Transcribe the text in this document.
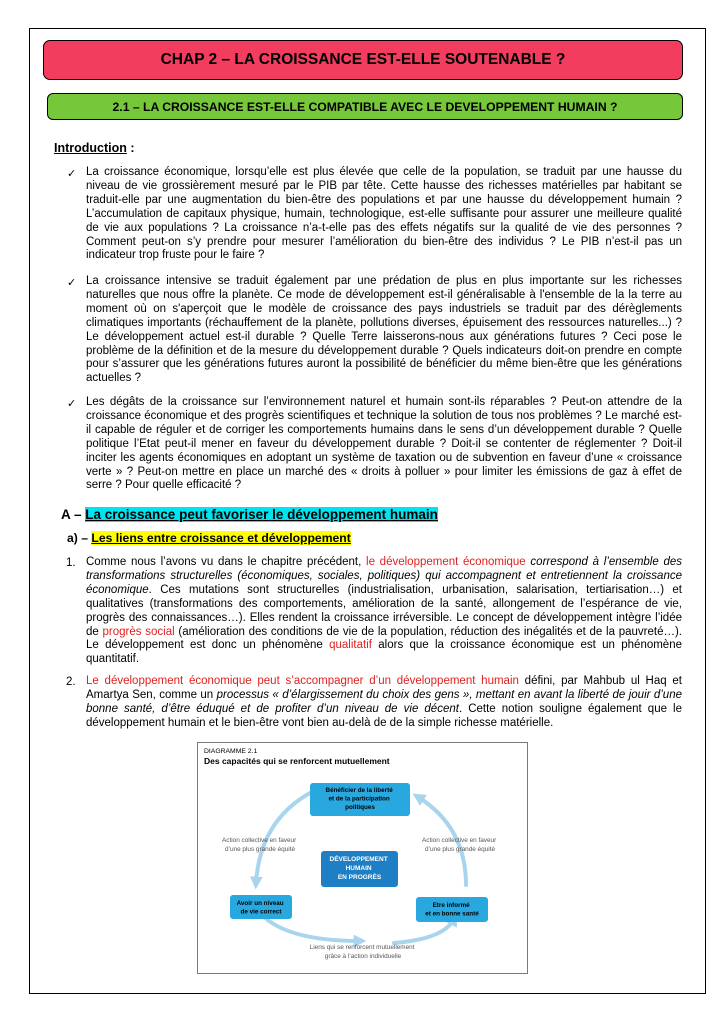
CHAP 2 – LA CROISSANCE EST-ELLE SOUTENABLE ?
2.1 – LA CROISSANCE EST-ELLE COMPATIBLE AVEC LE DEVELOPPEMENT HUMAIN ?
Introduction :
✓ La croissance économique, lorsqu’elle est plus élevée que celle de la population, se traduit par une hausse du niveau de vie grossièrement mesuré par le PIB par tête. Cette hausse des richesses matérielles par habitant se traduit-elle par une augmentation du bien-être des populations et par une hausse du développement humain ? L’accumulation de capitaux physique, humain, technologique, est-elle suffisante pour assurer une meilleure qualité de vie aux populations ? La croissance n’a-t-elle pas des effets négatifs sur la qualité de vie des personnes ? Comment peut-on s’y prendre pour mesurer l’amélioration du bien-être des individus ? Le PIB n’est-il pas un indicateur trop fruste pour le faire ?
✓ La croissance intensive se traduit également par une prédation de plus en plus importante sur les richesses naturelles que nous offre la planète. Ce mode de développement est-il généralisable à l'ensemble de la la terre au moment où on s'aperçoit que le modèle de croissance des pays industriels se traduit par des dérèglements climatiques importants (réchauffement de la planète, pollutions diverses, épuisement des ressources naturelles...) ? Le développement actuel est-il durable ? Quelle Terre laisserons-nous aux générations futures ? Ceci pose le problème de la définition et de la mesure du développement durable ? Quels indicateurs doit-on prendre en compte pour s’assurer que les générations futures auront la possibilité de bénéficier du même bien-être que les générations actuelles ?
✓ Les dégâts de la croissance sur l’environnement naturel et humain sont-ils réparables ? Peut-on attendre de la croissance économique et des progrès scientifiques et technique la solution de tous nos problèmes ? Le marché est-il capable de réguler et de corriger les comportements humains dans le sens d’un développement durable ? Quelle politique l’Etat peut-il mener en faveur du développement durable ? Doit-il se contenter de réglementer ? Doit-il inciter les agents économiques en adoptant un système de taxation ou de subvention en faveur d’une « croissance verte » ? Peut-on mettre en place un marché des « droits à polluer » pour limiter les émissions de gaz à effet de serre ? Pour quelle efficacité ?
A – La croissance peut favoriser le développement humain
a) – Les liens entre croissance et développement
1. Comme nous l’avons vu dans le chapitre précédent, le développement économique correspond à l’ensemble des transformations structurelles (économiques, sociales, politiques) qui accompagnent et entretiennent la croissance économique. Ces mutations sont structurelles (industrialisation, urbanisation, salarisation, tertiarisation…) et qualitatives (transformations des comportements, amélioration de la santé, allongement de l’espérance de vie, progrès des connaissances…). Elles rendent la croissance irréversible. Le concept de développement intègre l’idée de progrès social (amélioration des conditions de vie de la population, réduction des inégalités et de la pauvreté…). Le développement est donc un phénomène qualitatif alors que la croissance économique est un phénomène quantitatif.
2. Le développement économique peut s’accompagner d’un développement humain défini, par Mahbub ul Haq et Amartya Sen, comme un processus « d’élargissement du choix des gens », mettant en avant la liberté de jouir d’une bonne santé, d’être éduqué et de profiter d’un niveau de vie décent. Cette notion souligne également que le développement humain et le bien-être vont bien au-delà de de la simple richesse matérielle.
DIAGRAMME 2.1
Des capacités qui se renforcent mutuellement
Bénéficier de la liberté et de la participation politiques
DÉVELOPPEMENT HUMAIN EN PROGRÈS
Avoir un niveau de vie correct
Etre informé et en bonne santé
Action collective en faveur d’une plus grande équité
Action collective en faveur d’une plus grande équité
Liens qui se renforcent mutuellement grâce à l’action individuelle
